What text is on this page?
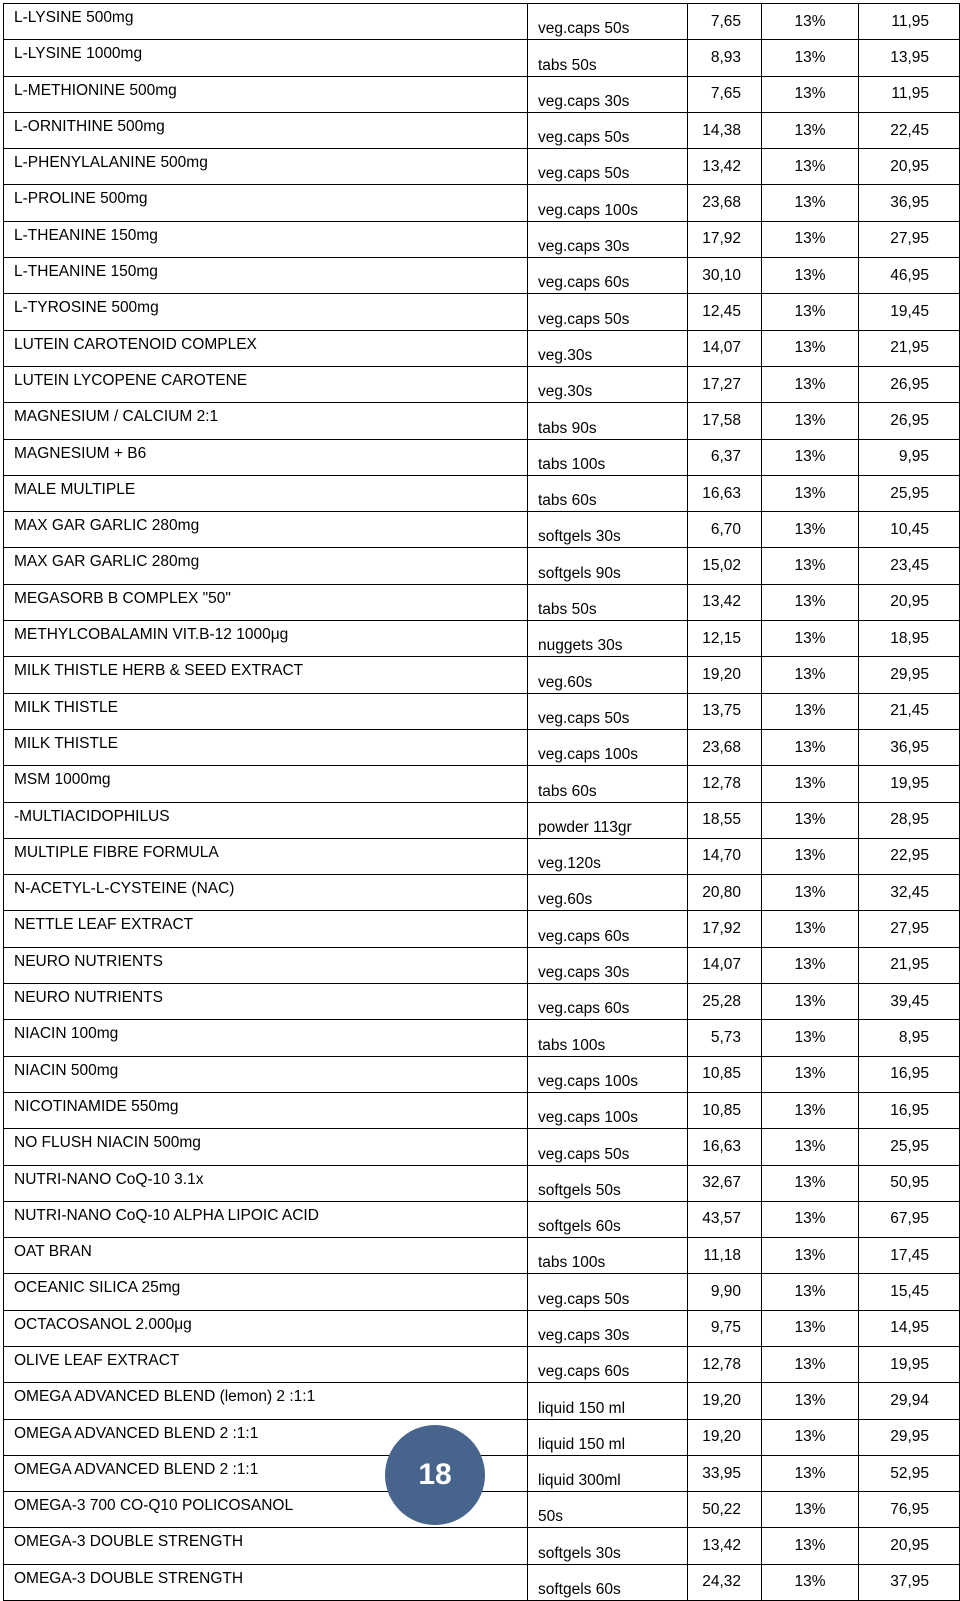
L-LYSINE 500mg	veg.caps 50s	7,65	13%	11,95
L-LYSINE 1000mg	tabs 50s	8,93	13%	13,95
L-METHIONINE 500mg	veg.caps 30s	7,65	13%	11,95
L-ORNITHINE 500mg	veg.caps 50s	14,38	13%	22,45
L-PHENYLALANINE 500mg	veg.caps 50s	13,42	13%	20,95
L-PROLINE 500mg	veg.caps 100s	23,68	13%	36,95
L-THEANINE 150mg	veg.caps 30s	17,92	13%	27,95
L-THEANINE 150mg	veg.caps 60s	30,10	13%	46,95
L-TYROSINE 500mg	veg.caps 50s	12,45	13%	19,45
LUTEIN CAROTENOID COMPLEX	veg.30s	14,07	13%	21,95
LUTEIN LYCOPENE CAROTENE	veg.30s	17,27	13%	26,95
MAGNESIUM / CALCIUM 2:1	tabs 90s	17,58	13%	26,95
MAGNESIUM + B6	tabs 100s	6,37	13%	9,95
MALE MULTIPLE	tabs 60s	16,63	13%	25,95
MAX GAR GARLIC 280mg	softgels 30s	6,70	13%	10,45
MAX GAR GARLIC 280mg	softgels 90s	15,02	13%	23,45
MEGASORB B COMPLEX "50"	tabs 50s	13,42	13%	20,95
METHYLCOBALAMIN VIT.B-12 1000μg	nuggets 30s	12,15	13%	18,95
MILK THISTLE HERB & SEED EXTRACT	veg.60s	19,20	13%	29,95
MILK THISTLE	veg.caps 50s	13,75	13%	21,45
MILK THISTLE	veg.caps 100s	23,68	13%	36,95
MSM 1000mg	tabs 60s	12,78	13%	19,95
-MULTIACIDOPHILUS	powder 113gr	18,55	13%	28,95
MULTIPLE FIBRE FORMULA	veg.120s	14,70	13%	22,95
N-ACETYL-L-CYSTEINE (NAC)	veg.60s	20,80	13%	32,45
NETTLE LEAF EXTRACT	veg.caps 60s	17,92	13%	27,95
NEURO NUTRIENTS	veg.caps 30s	14,07	13%	21,95
NEURO NUTRIENTS	veg.caps 60s	25,28	13%	39,45
NIACIN 100mg	tabs 100s	5,73	13%	8,95
NIACIN 500mg	veg.caps 100s	10,85	13%	16,95
NICOTINAMIDE 550mg	veg.caps 100s	10,85	13%	16,95
NO FLUSH NIACIN 500mg	veg.caps 50s	16,63	13%	25,95
NUTRI-NANO CoQ-10 3.1x	softgels 50s	32,67	13%	50,95
NUTRI-NANO CoQ-10 ALPHA LIPOIC ACID	softgels 60s	43,57	13%	67,95
OAT BRAN	tabs 100s	11,18	13%	17,45
OCEANIC SILICA 25mg	veg.caps 50s	9,90	13%	15,45
OCTACOSANOL 2.000μg	veg.caps 30s	9,75	13%	14,95
OLIVE LEAF EXTRACT	veg.caps 60s	12,78	13%	19,95
OMEGA ADVANCED BLEND (lemon) 2 :1:1	liquid 150 ml	19,20	13%	29,94
OMEGA ADVANCED BLEND 2 :1:1	liquid 150 ml	19,20	13%	29,95
OMEGA ADVANCED BLEND 2 :1:1	liquid 300ml	33,95	13%	52,95
OMEGA-3 700 CO-Q10 POLICOSANOL	50s	50,22	13%	76,95
OMEGA-3 DOUBLE STRENGTH	softgels 30s	13,42	13%	20,95
OMEGA-3 DOUBLE STRENGTH	softgels 60s	24,32	13%	37,95
18
